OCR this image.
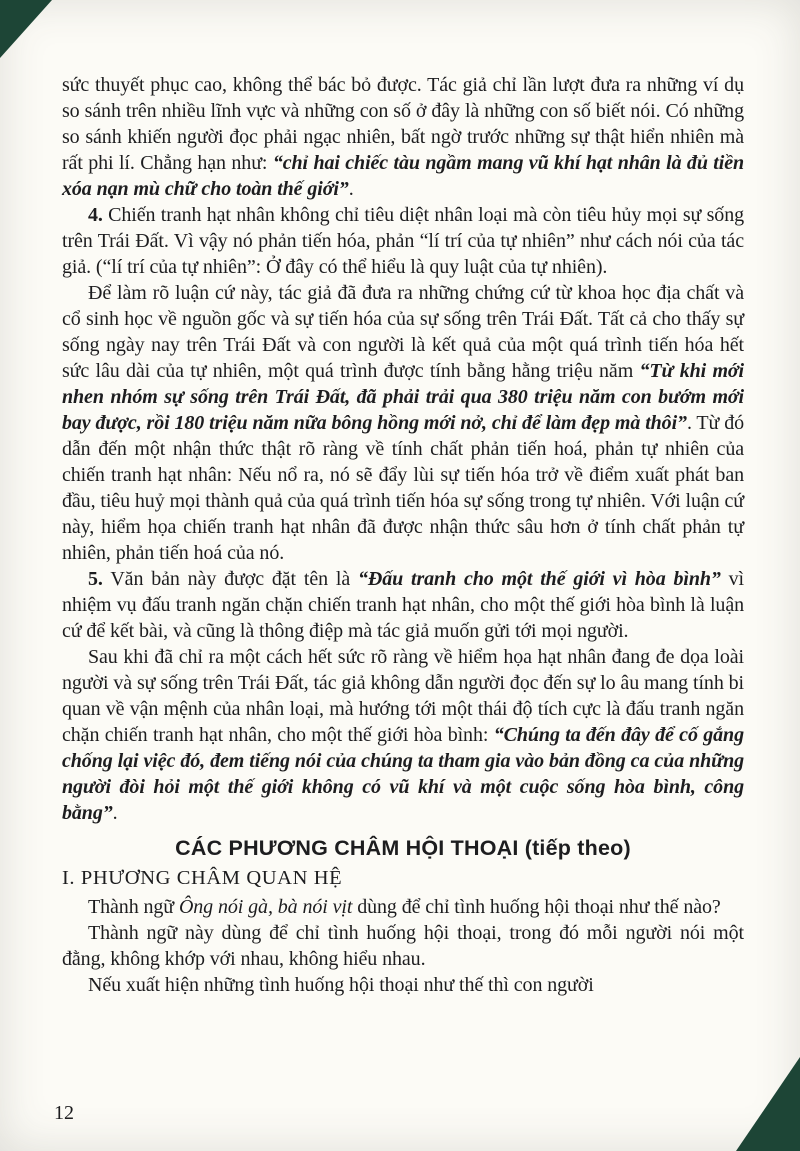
sức thuyết phục cao, không thể bác bỏ được. Tác giả chỉ lần lượt đưa ra những ví dụ so sánh trên nhiều lĩnh vực và những con số ở đây là những con số biết nói. Có những so sánh khiến người đọc phải ngạc nhiên, bất ngờ trước những sự thật hiển nhiên mà rất phi lí. Chẳng hạn như: “chỉ hai chiếc tàu ngầm mang vũ khí hạt nhân là đủ tiền xóa nạn mù chữ cho toàn thế giới”.

4. Chiến tranh hạt nhân không chỉ tiêu diệt nhân loại mà còn tiêu hủy mọi sự sống trên Trái Đất. Vì vậy nó phản tiến hóa, phản “lí trí của tự nhiên” như cách nói của tác giả. (“lí trí của tự nhiên”: Ở đây có thể hiểu là quy luật của tự nhiên).

Để làm rõ luận cứ này, tác giả đã đưa ra những chứng cứ từ khoa học địa chất và cổ sinh học về nguồn gốc và sự tiến hóa của sự sống trên Trái Đất. Tất cả cho thấy sự sống ngày nay trên Trái Đất và con người là kết quả của một quá trình tiến hóa hết sức lâu dài của tự nhiên, một quá trình được tính bằng hằng triệu năm “Từ khi mới nhen nhóm sự sống trên Trái Đất, đã phải trải qua 380 triệu năm con bướm mới bay được, rồi 180 triệu năm nữa bông hồng mới nở, chỉ để làm đẹp mà thôi”. Từ đó dẫn đến một nhận thức thật rõ ràng về tính chất phản tiến hoá, phản tự nhiên của chiến tranh hạt nhân: Nếu nổ ra, nó sẽ đẩy lùi sự tiến hóa trở về điểm xuất phát ban đầu, tiêu huỷ mọi thành quả của quá trình tiến hóa sự sống trong tự nhiên. Với luận cứ này, hiểm họa chiến tranh hạt nhân đã được nhận thức sâu hơn ở tính chất phản tự nhiên, phản tiến hoá của nó.

5. Văn bản này được đặt tên là “Đấu tranh cho một thế giới vì hòa bình” vì nhiệm vụ đấu tranh ngăn chặn chiến tranh hạt nhân, cho một thế giới hòa bình là luận cứ để kết bài, và cũng là thông điệp mà tác giả muốn gửi tới mọi người.

Sau khi đã chỉ ra một cách hết sức rõ ràng về hiểm họa hạt nhân đang đe dọa loài người và sự sống trên Trái Đất, tác giả không dẫn người đọc đến sự lo âu mang tính bi quan về vận mệnh của nhân loại, mà hướng tới một thái độ tích cực là đấu tranh ngăn chặn chiến tranh hạt nhân, cho một thế giới hòa bình: “Chúng ta đến đây để cố gắng chống lại việc đó, đem tiếng nói của chúng ta tham gia vào bản đồng ca của những người đòi hỏi một thế giới không có vũ khí và một cuộc sống hòa bình, công bằng”.

CÁC PHƯƠNG CHÂM HỘI THOẠI (tiếp theo)
I. PHƯƠNG CHÂM QUAN HỆ

Thành ngữ Ông nói gà, bà nói vịt dùng để chỉ tình huống hội thoại như thế nào?

Thành ngữ này dùng để chỉ tình huống hội thoại, trong đó mỗi người nói một đằng, không khớp với nhau, không hiểu nhau.

Nếu xuất hiện những tình huống hội thoại như thế thì con người

12
